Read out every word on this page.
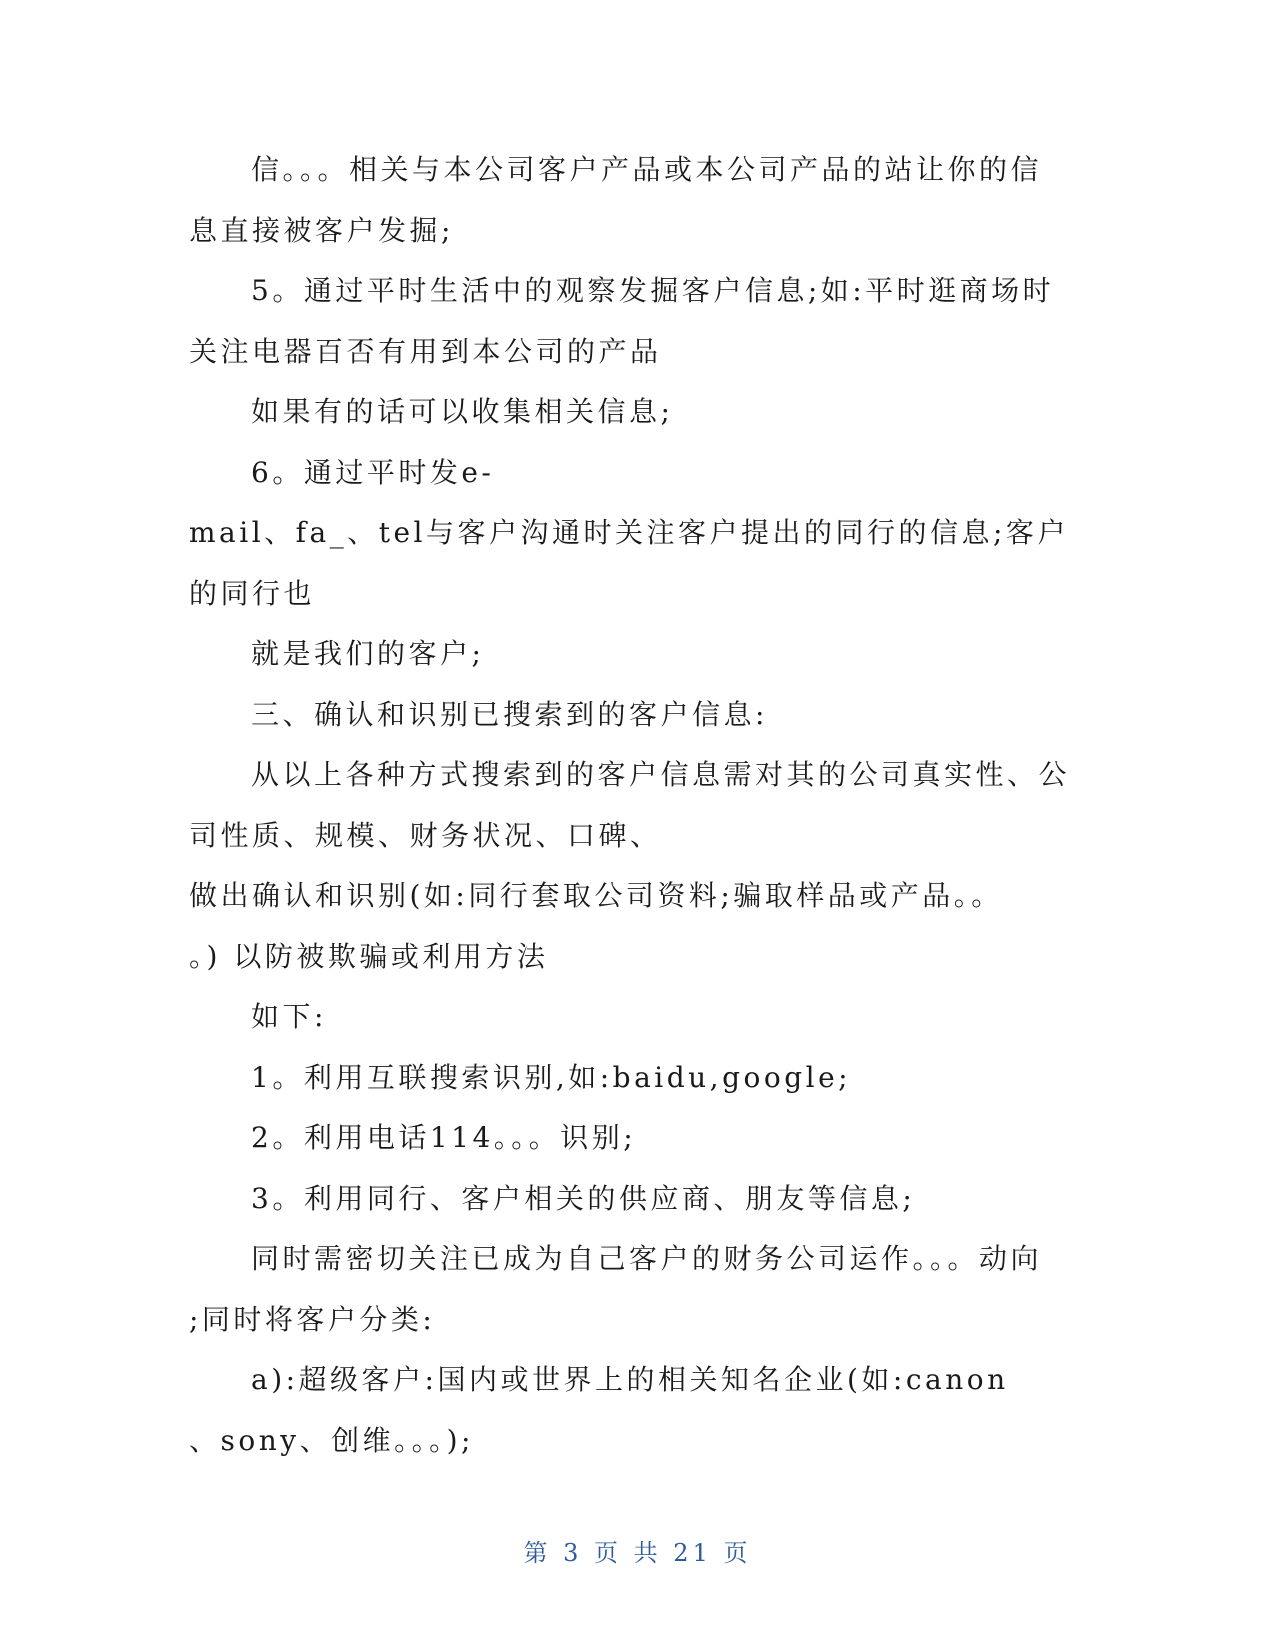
信。。。相关与本公司客户产品或本公司产品的站让你的信
息直接被客户发掘;
5。通过平时生活中的观察发掘客户信息;如:平时逛商场时
关注电器百否有用到本公司的产品
如果有的话可以收集相关信息;
6。通过平时发e-
mail、fa_、tel与客户沟通时关注客户提出的同行的信息;客户
的同行也
就是我们的客户;
三、确认和识别已搜索到的客户信息:
从以上各种方式搜索到的客户信息需对其的公司真实性、公
司性质、规模、财务状况、口碑、
做出确认和识别(如:同行套取公司资料;骗取样品或产品。。
。) 以防被欺骗或利用方法
如下:
1。利用互联搜索识别,如:baidu,google;
2。利用电话114。。。识别;
3。利用同行、客户相关的供应商、朋友等信息;
同时需密切关注已成为自己客户的财务公司运作。。。动向
;同时将客户分类:
a):超级客户:国内或世界上的相关知名企业(如:canon
、sony、创维。。。);
第 3 页 共 21 页
